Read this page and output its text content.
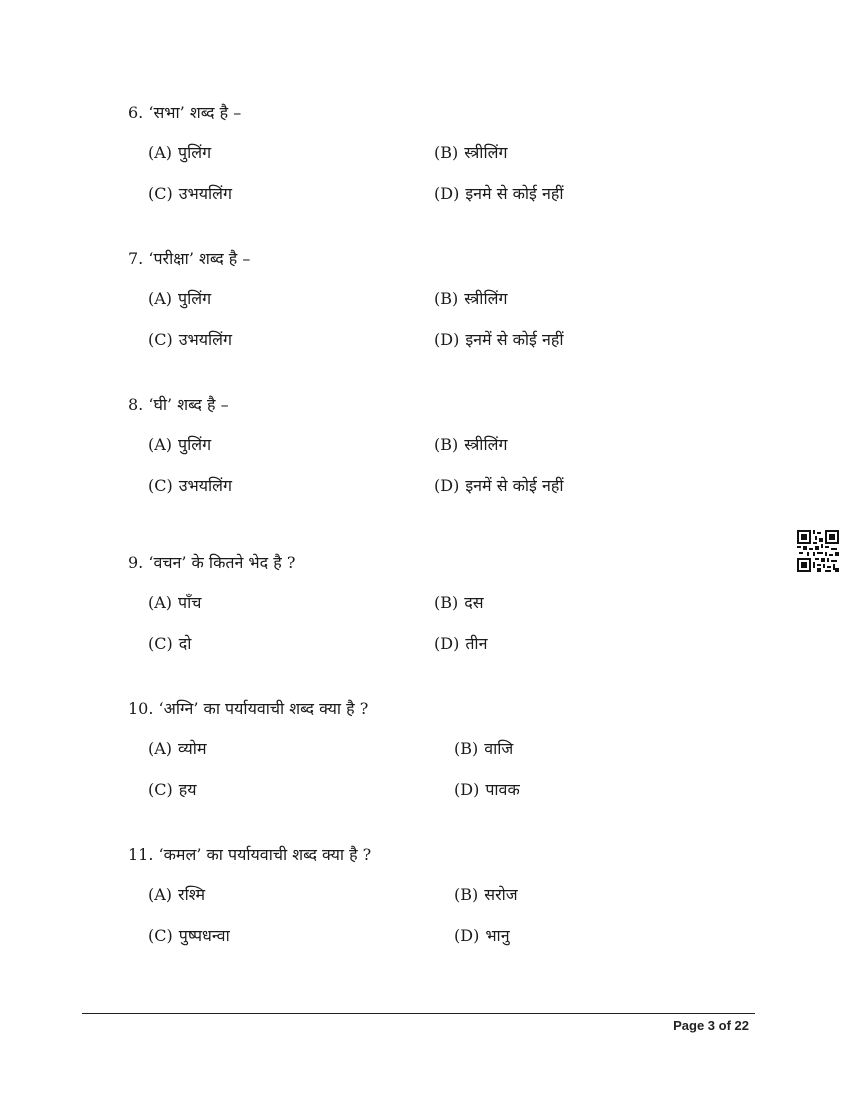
6. ‘सभा’ शब्द है –
(A) पुलिंग	(B) स्त्रीलिंग
(C) उभयलिंग	(D) इनमे से कोई नहीं
7. ‘परीक्षा’ शब्द है –
(A) पुलिंग	(B) स्त्रीलिंग
(C) उभयलिंग	(D) इनमें से कोई नहीं
8. ‘घी’ शब्द है –
(A) पुलिंग	(B) स्त्रीलिंग
(C) उभयलिंग	(D) इनमें से कोई नहीं
9. ‘वचन’ के कितने भेद है ?
(A) पाँच	(B) दस
(C) दो	(D) तीन
10. ‘अग्नि’ का पर्यायवाची शब्द क्या है ?
(A) व्योम	(B) वाजि
(C) हय	(D) पावक
11. ‘कमल’ का पर्यायवाची शब्द क्या है ?
(A) रश्मि	(B) सरोज
(C) पुष्पधन्वा	(D) भानु
Page 3 of 22
